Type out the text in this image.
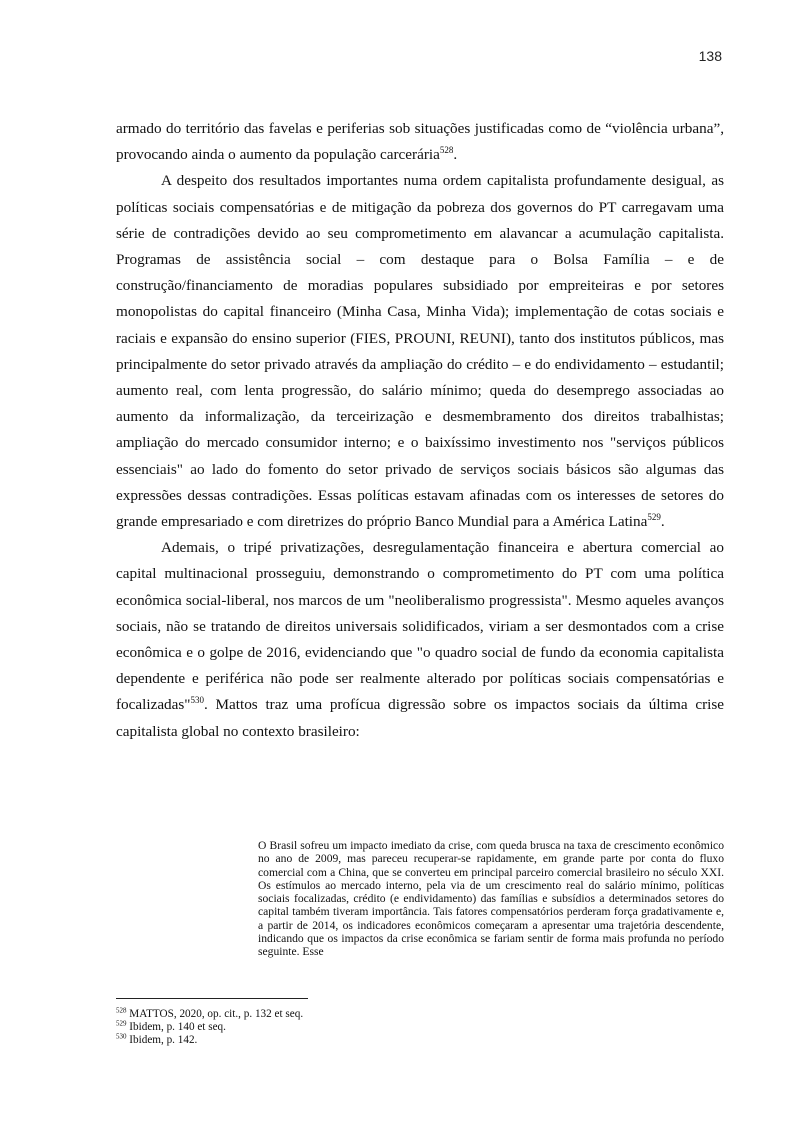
138

armado do território das favelas e periferias sob situações justificadas como de “violência urbana”, provocando ainda o aumento da população carcerária$^{528}$.

A despeito dos resultados importantes numa ordem capitalista profundamente desigual, as políticas sociais compensatórias e de mitigação da pobreza dos governos do PT carregavam uma série de contradições devido ao seu comprometimento em alavancar a acumulação capitalista. Programas de assistência social – com destaque para o Bolsa Família – e de construção/financiamento de moradias populares subsidiado por empreiteiras e por setores monopolistas do capital financeiro (Minha Casa, Minha Vida); implementação de cotas sociais e raciais e expansão do ensino superior (FIES, PROUNI, REUNI), tanto dos institutos públicos, mas principalmente do setor privado através da ampliação do crédito – e do endividamento – estudantil; aumento real, com lenta progressão, do salário mínimo; queda do desemprego associadas ao aumento da informalização, da terceirização e desmembramento dos direitos trabalhistas; ampliação do mercado consumidor interno; e o baixíssimo investimento nos "serviços públicos essenciais" ao lado do fomento do setor privado de serviços sociais básicos são algumas das expressões dessas contradições. Essas políticas estavam afinadas com os interesses de setores do grande empresariado e com diretrizes do próprio Banco Mundial para a América Latina$^{529}$.

Ademais, o tripé privatizações, desregulamentação financeira e abertura comercial ao capital multinacional prosseguiu, demonstrando o comprometimento do PT com uma política econômica social-liberal, nos marcos de um "neoliberalismo progressista". Mesmo aqueles avanços sociais, não se tratando de direitos universais solidificados, viriam a ser desmontados com a crise econômica e o golpe de 2016, evidenciando que "o quadro social de fundo da economia capitalista dependente e periférica não pode ser realmente alterado por políticas sociais compensatórias e focalizadas"$^{530}$. Mattos traz uma profícua digressão sobre os impactos sociais da última crise capitalista global no contexto brasileiro:

O Brasil sofreu um impacto imediato da crise, com queda brusca na taxa de crescimento econômico no ano de 2009, mas pareceu recuperar-se rapidamente, em grande parte por conta do fluxo comercial com a China, que se converteu em principal parceiro comercial brasileiro no século XXI. Os estímulos ao mercado interno, pela via de um crescimento real do salário mínimo, políticas sociais focalizadas, crédito (e endividamento) das famílias e subsídios a determinados setores do capital também tiveram importância. Tais fatores compensatórios perderam força gradativamente e, a partir de 2014, os indicadores econômicos começaram a apresentar uma trajetória descendente, indicando que os impactos da crise econômica se fariam sentir de forma mais profunda no período seguinte. Esse
$^{528}$ MATTOS, 2020, op. cit., p. 132 et seq.
$^{529}$ Ibidem, p. 140 et seq.
$^{530}$ Ibidem, p. 142.
